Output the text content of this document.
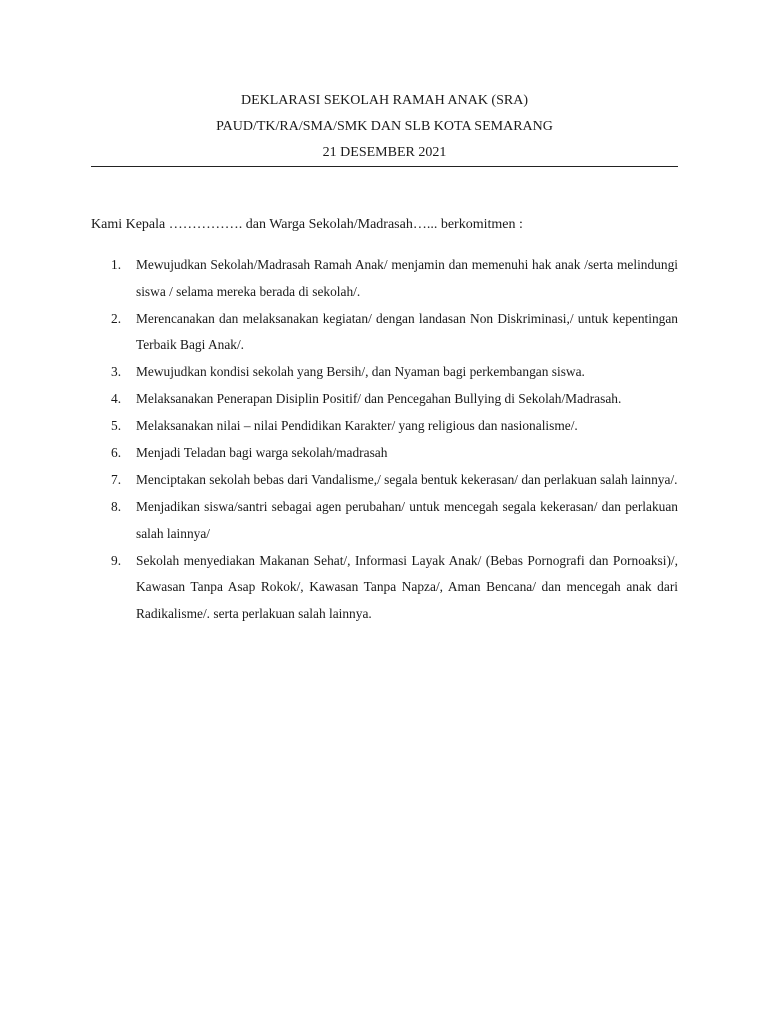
DEKLARASI SEKOLAH RAMAH ANAK (SRA)
PAUD/TK/RA/SMA/SMK DAN SLB KOTA SEMARANG
21 DESEMBER 2021
Kami Kepala ……………. dan Warga Sekolah/Madrasah…... berkomitmen :
1. Mewujudkan Sekolah/Madrasah Ramah Anak/ menjamin dan memenuhi hak anak /serta melindungi siswa / selama mereka berada di sekolah/.
2. Merencanakan dan melaksanakan kegiatan/ dengan landasan Non Diskriminasi,/ untuk kepentingan Terbaik Bagi Anak/.
3. Mewujudkan kondisi sekolah yang Bersih/, dan Nyaman bagi perkembangan siswa.
4. Melaksanakan Penerapan Disiplin Positif/ dan Pencegahan Bullying di Sekolah/Madrasah.
5. Melaksanakan nilai – nilai Pendidikan Karakter/ yang religious dan nasionalisme/.
6. Menjadi Teladan bagi warga sekolah/madrasah
7. Menciptakan sekolah bebas dari Vandalisme,/ segala bentuk kekerasan/ dan perlakuan salah lainnya/.
8. Menjadikan siswa/santri sebagai agen perubahan/ untuk mencegah segala kekerasan/ dan perlakuan salah lainnya/
9. Sekolah menyediakan Makanan Sehat/, Informasi Layak Anak/ (Bebas Pornografi dan Pornoaksi)/, Kawasan Tanpa Asap Rokok/, Kawasan Tanpa Napza/, Aman Bencana/ dan mencegah anak dari Radikalisme/. serta perlakuan salah lainnya.
